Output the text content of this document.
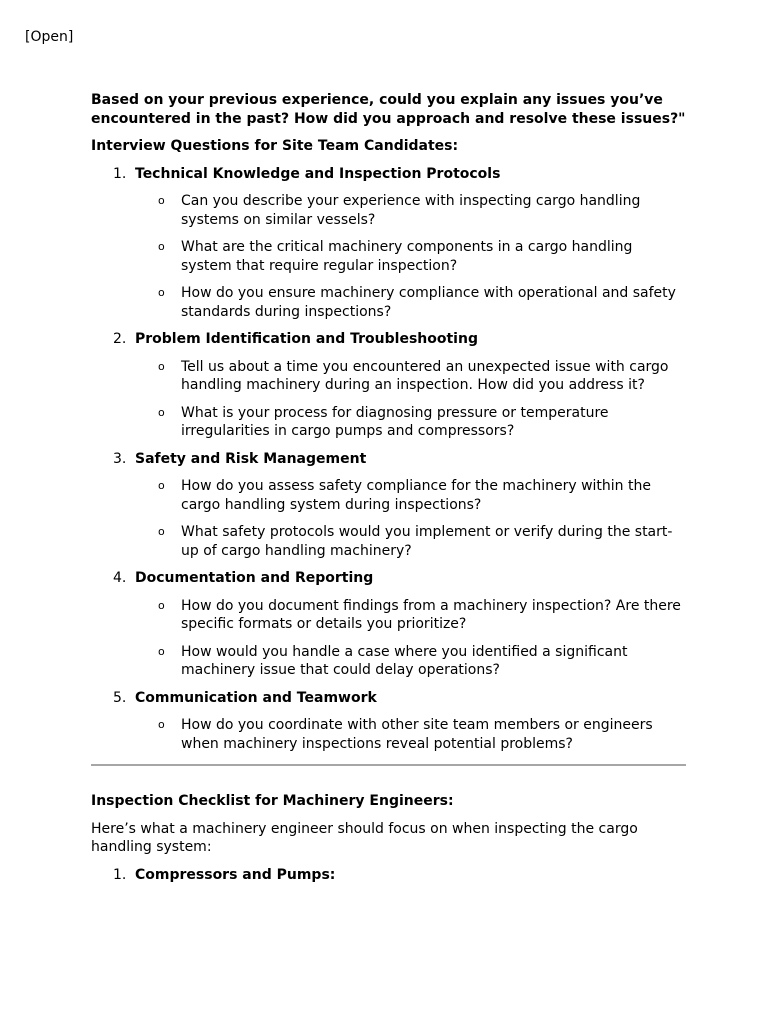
[Open]

Based on your previous experience, could you explain any issues you’ve encountered in the past? How did you approach and resolve these issues?"

Interview Questions for Site Team Candidates:

1. Technical Knowledge and Inspection Protocols
o Can you describe your experience with inspecting cargo handling systems on similar vessels?
o What are the critical machinery components in a cargo handling system that require regular inspection?
o How do you ensure machinery compliance with operational and safety standards during inspections?
2. Problem Identification and Troubleshooting
o Tell us about a time you encountered an unexpected issue with cargo handling machinery during an inspection. How did you address it?
o What is your process for diagnosing pressure or temperature irregularities in cargo pumps and compressors?
3. Safety and Risk Management
o How do you assess safety compliance for the machinery within the cargo handling system during inspections?
o What safety protocols would you implement or verify during the start-up of cargo handling machinery?
4. Documentation and Reporting
o How do you document findings from a machinery inspection? Are there specific formats or details you prioritize?
o How would you handle a case where you identified a significant machinery issue that could delay operations?
5. Communication and Teamwork
o How do you coordinate with other site team members or engineers when machinery inspections reveal potential problems?

Inspection Checklist for Machinery Engineers:

Here’s what a machinery engineer should focus on when inspecting the cargo handling system:

1. Compressors and Pumps:
